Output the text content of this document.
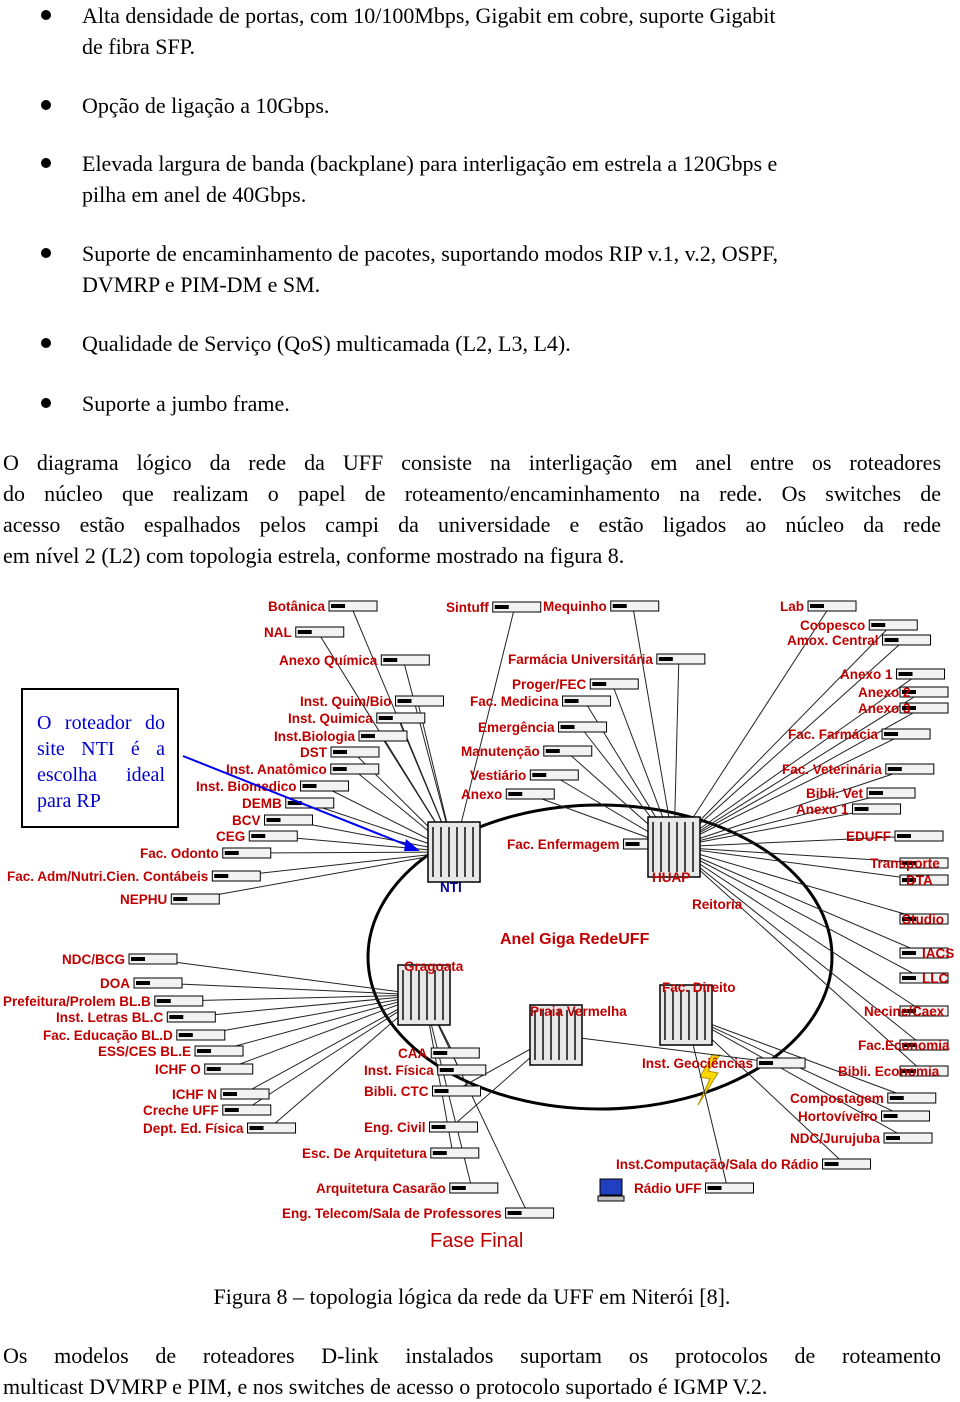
Alta densidade de portas, com 10/100Mbps, Gigabit em cobre, suporte Gigabit
de fibra SFP.
Opção de ligação a 10Gbps.
Elevada largura de banda (backplane) para interligação em estrela a 120Gbps e
pilha em anel de 40Gbps.
Suporte de encaminhamento de pacotes, suportando modos RIP v.1, v.2, OSPF,
DVMRP e PIM-DM e SM.
Qualidade de Serviço (QoS) multicamada (L2, L3, L4).
Suporte a jumbo frame.
O diagrama lógico da rede da UFF consiste na interligação em anel entre os roteadores
do núcleo que realizam o papel de roteamento/encaminhamento na rede. Os switches de
acesso estão espalhados pelos campi da universidade e estão ligados ao núcleo da rede
em nível 2 (L2) com topologia estrela, conforme mostrado na figura 8.
NTI
HUAP
Reitoria
Gragoata
Praia Vermelha
Fac. Direito
Botânica	Sintuff	Mequinho	Lab
Coopesco
Amox. Central
NAL
Anexo Química	Farmácia Universitária
Anexo 1
Anexo 2
Anexo 3
Inst. Quim/Bio
Proger/FEC
Fac. Medicina
Inst. Quimica
Inst.Biologia
Emergência	Fac. Farmácia
DST	Manutenção
Inst. Anatômico	Fac. Veterinária
Inst. Biomedico
Vestiário
Anexo	Bibli. Vet
Anexo 1
DEMB
BCV
CEG	EDUFF
Fac. Enfermagem
Fac. Odonto
Transporte
Fac. Adm/Nutri.Cien. Contábeis	DTA
NEPHU
Studio
NDC/BCG	IACS
DOA	LLC
Prefeitura/Prolem BL.B
Inst. Letras BL.C	Necine/Caex
Fac. Educação BL.D
ESS/CES BL.E	Fac.Economia
CAA
ICHF O	Inst. Física	Inst. Geociências
Bibli. Economia
ICHF N	Bibli. CTC	Compostagem
Creche UFF	Hortovíveiro
Dept. Ed. Física	Eng. Civil
NDC/Jurujuba
Esc. De Arquitetura
Inst.Computação/Sala do Rádio
Rádio UFF
Arquitetura Casarão
Eng. Telecom/Sala de Professores
Anel Giga RedeUFF
Fase Final
O roteador do site NTI é a escolha ideal para RP
Figura 8 – topologia lógica da rede da UFF em Niterói [8].
Os modelos de roteadores D-link instalados suportam os protocolos de roteamento
multicast DVMRP e PIM, e nos switches de acesso o protocolo suportado é IGMP V.2.
